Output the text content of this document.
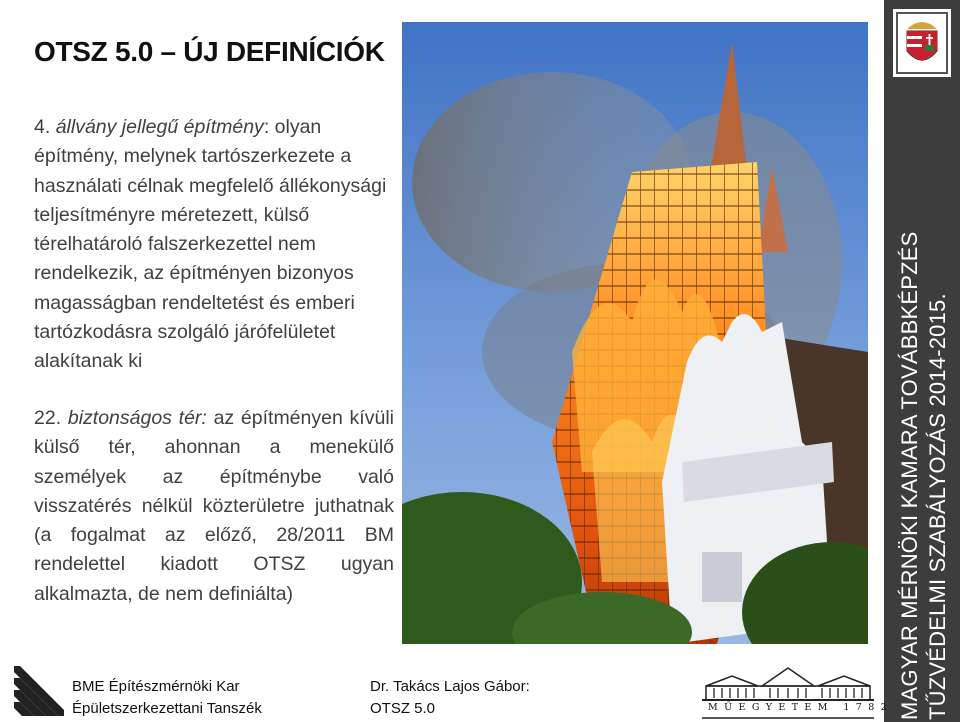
OTSZ 5.0 – ÚJ DEFINÍCIÓK
4. állvány jellegű építmény: olyan építmény, melynek tartószerkezete a használati célnak megfelelő állékonysági teljesítményre méretezett, külső térelhatároló falszerkezettel nem rendelkezik, az építményen bizonyos magasságban rendeltetést és emberi tartózkodásra szolgáló járófelületet alakítanak ki
22. biztonságos tér: az építményen kívüli külső tér, ahonnan a menekülő személyek az építménybe való visszatérés nélkül közterületre juthatnak (a fogalmat az előző, 28/2011 BM rendelettel kiadott OTSZ ugyan alkalmazta, de nem definiálta)	MAGYAR MÉRNÖKI KAMARA TOVÁBBKÉPZÉS TŰZVÉDELMI SZABÁLYOZÁS 2014-2015.
BME Építészmérnöki Kar
Épületszerkezettani Tanszék
Dr. Takács Lajos Gábor:
OTSZ 5.0	MŰEGYETEM 1782
